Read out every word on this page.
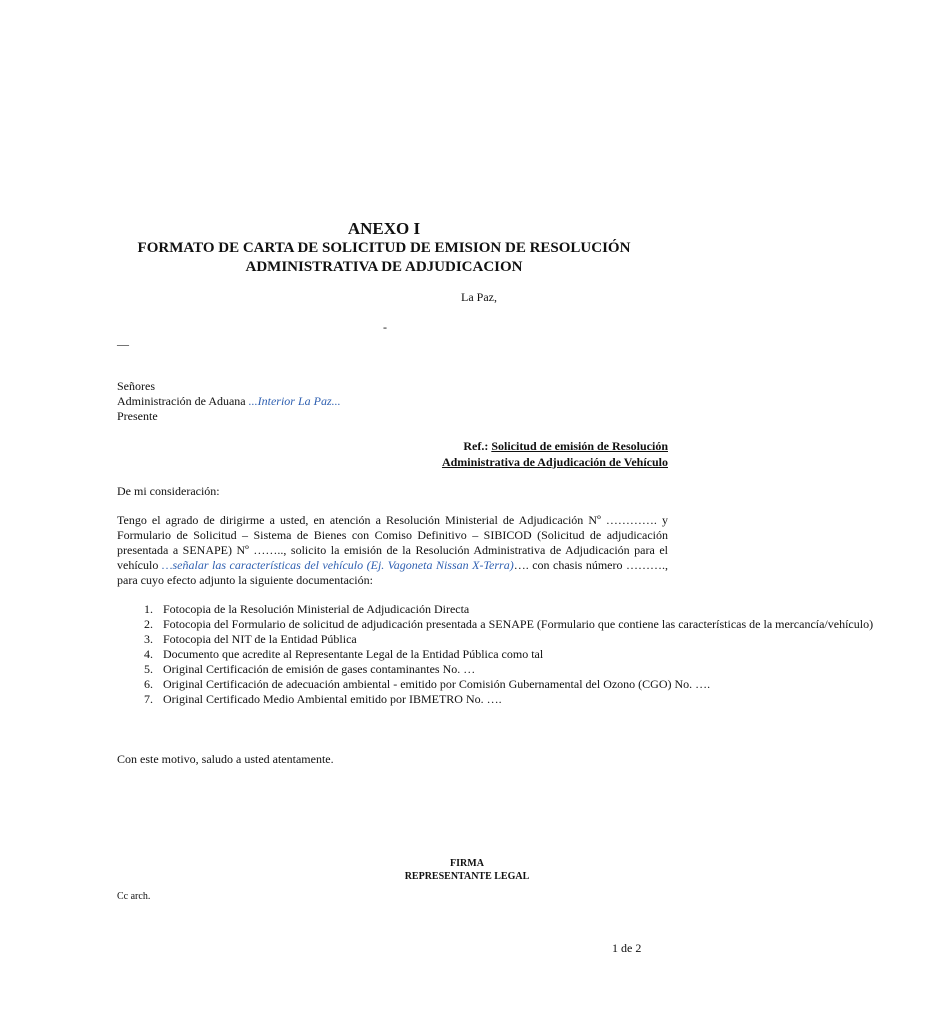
ANEXO I
FORMATO DE CARTA DE SOLICITUD DE EMISION DE RESOLUCIÓN
ADMINISTRATIVA DE ADJUDICACION
La Paz,
-
—
Señores
Administración de Aduana ...Interior La Paz...
Presente
Ref.: Solicitud de emisión de Resolución
Administrativa de Adjudicación de Vehículo
De mi consideración:
Tengo el agrado de dirigirme a usted, en atención a Resolución Ministerial de Adjudicación Nº …………. y Formulario de Solicitud – Sistema de Bienes con Comiso Definitivo – SIBICOD (Solicitud de adjudicación presentada a SENAPE) Nº …….., solicito la emisión de la Resolución Administrativa de Adjudicación para el vehículo …señalar las características del vehículo (Ej. Vagoneta Nissan X-Terra)…. con chasis número ………., para cuyo efecto adjunto la siguiente documentación:
1. Fotocopia de la Resolución Ministerial de Adjudicación Directa
2. Fotocopia del Formulario de solicitud de adjudicación presentada a SENAPE (Formulario que contiene las características de la mercancía/vehículo)
3. Fotocopia del NIT de la Entidad Pública
4. Documento que acredite al Representante Legal de la Entidad Pública como tal
5. Original Certificación de emisión de gases contaminantes No. …
6. Original Certificación de adecuación ambiental - emitido por Comisión Gubernamental del Ozono (CGO) No. ….
7. Original Certificado Medio Ambiental emitido por IBMETRO No. ….
Con este motivo, saludo a usted atentamente.
FIRMA
REPRESENTANTE LEGAL
Cc arch.
1 de 2
